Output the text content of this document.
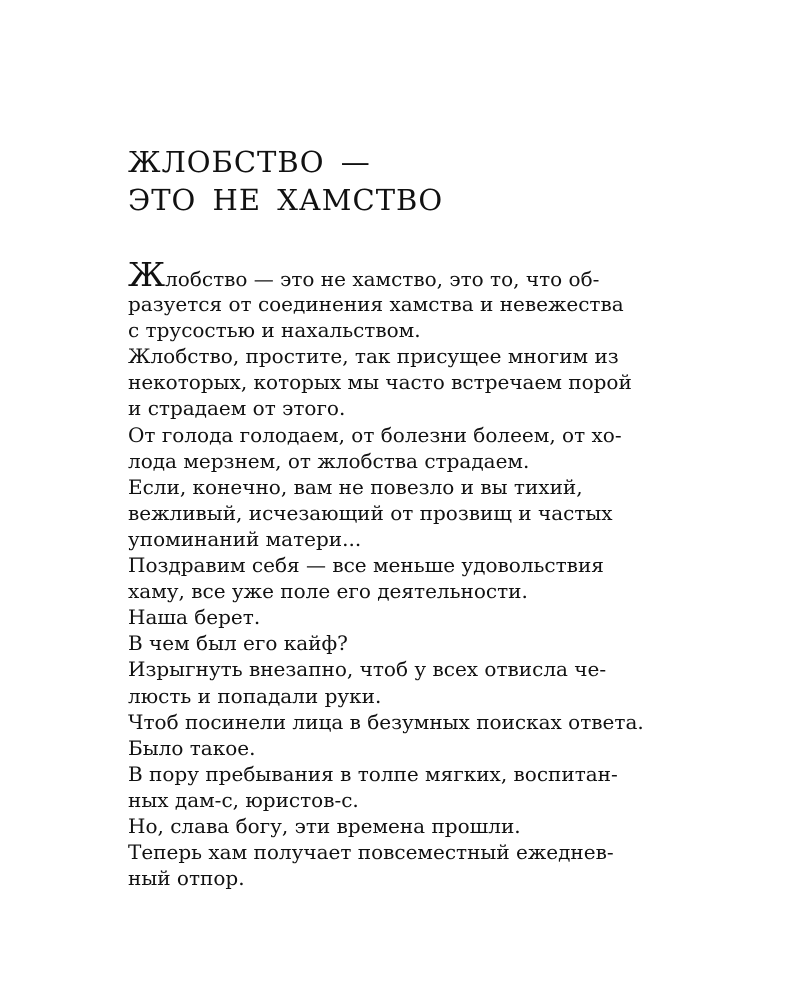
ЖЛОБСТВО —
ЭТО НЕ ХАМСТВО
Жлобство — это не хамство, это то, что об-
разуется от соединения хамства и невежества
с трусостью и нахальством.
Жлобство, простите, так присущее многим из
некоторых, которых мы часто встречаем порой
и страдаем от этого.
От голода голодаем, от болезни болеем, от хо-
лода мерзнем, от жлобства страдаем.
Если, конечно, вам не повезло и вы тихий,
вежливый, исчезающий от прозвищ и частых
упоминаний матери...
Поздравим себя — все меньше удовольствия
хаму, все уже поле его деятельности.
Наша берет.
В чем был его кайф?
Изрыгнуть внезапно, чтоб у всех отвисла че-
люсть и попадали руки.
Чтоб посинели лица в безумных поисках ответа.
Было такое.
В пору пребывания в толпе мягких, воспитан-
ных дам-с, юристов-с.
Но, слава богу, эти времена прошли.
Теперь хам получает повсеместный ежеднев-
ный отпор.
